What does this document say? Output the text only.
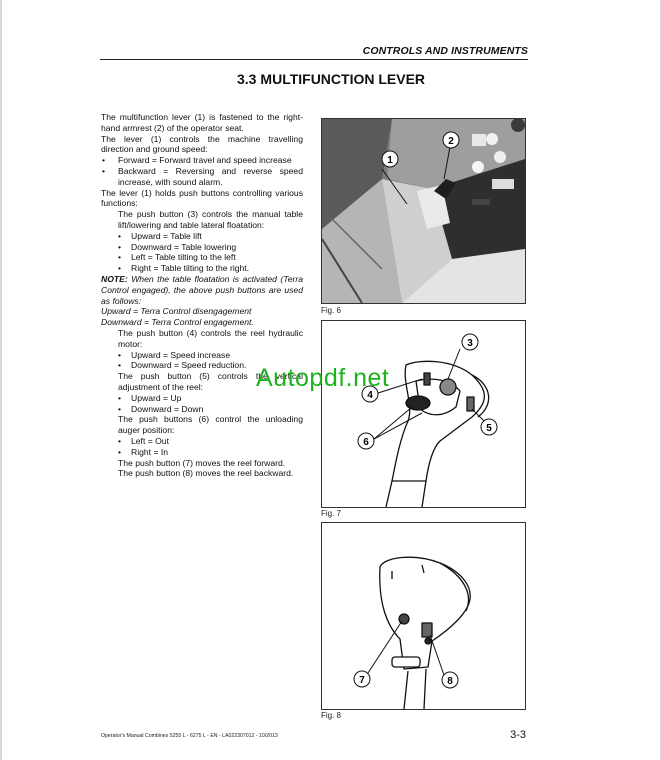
CONTROLS AND INSTRUMENTS
3.3 MULTIFUNCTION LEVER

The multifunction lever (1) is fastened to the right-hand armrest (2) of the operator seat.

The lever (1) controls the machine travelling direction and ground speed:

• Forward = Forward travel and speed increase
• Backward = Reversing and reverse speed increase, with sound alarm.

The lever (1) holds push buttons controlling various functions:

The push button (3) controls the manual table lift/lowering and table lateral floatation:

• Upward = Table lift
• Downward = Table lowering
• Left = Table tilting to the left
• Right = Table tilting to the right.

NOTE: When the table floatation is activated (Terra Control engaged), the above push buttons are used as follows:

Upward = Terra Control disengagement

Downward = Terra Control engagement.

The push button (4) controls the reel hydraulic motor:

• Upward = Speed increase
• Downward = Speed reduction.

The push button (5) controls the vertical adjustment of the reel:

• Upward = Up
• Downward = Down

The push buttons (6) control the unloading auger position:

• Left = Out
• Right = In

The push button (7) moves the reel forward.

The push button (8) moves the reel backward.

1
2
Fig. 6
3
4
5
6
Fig. 7
7	8
Fig. 8
Autopdf.net
Operator's Manual Combines 5255 L - 6275 L - EN - LA022307012 - 10/2013	3-3
